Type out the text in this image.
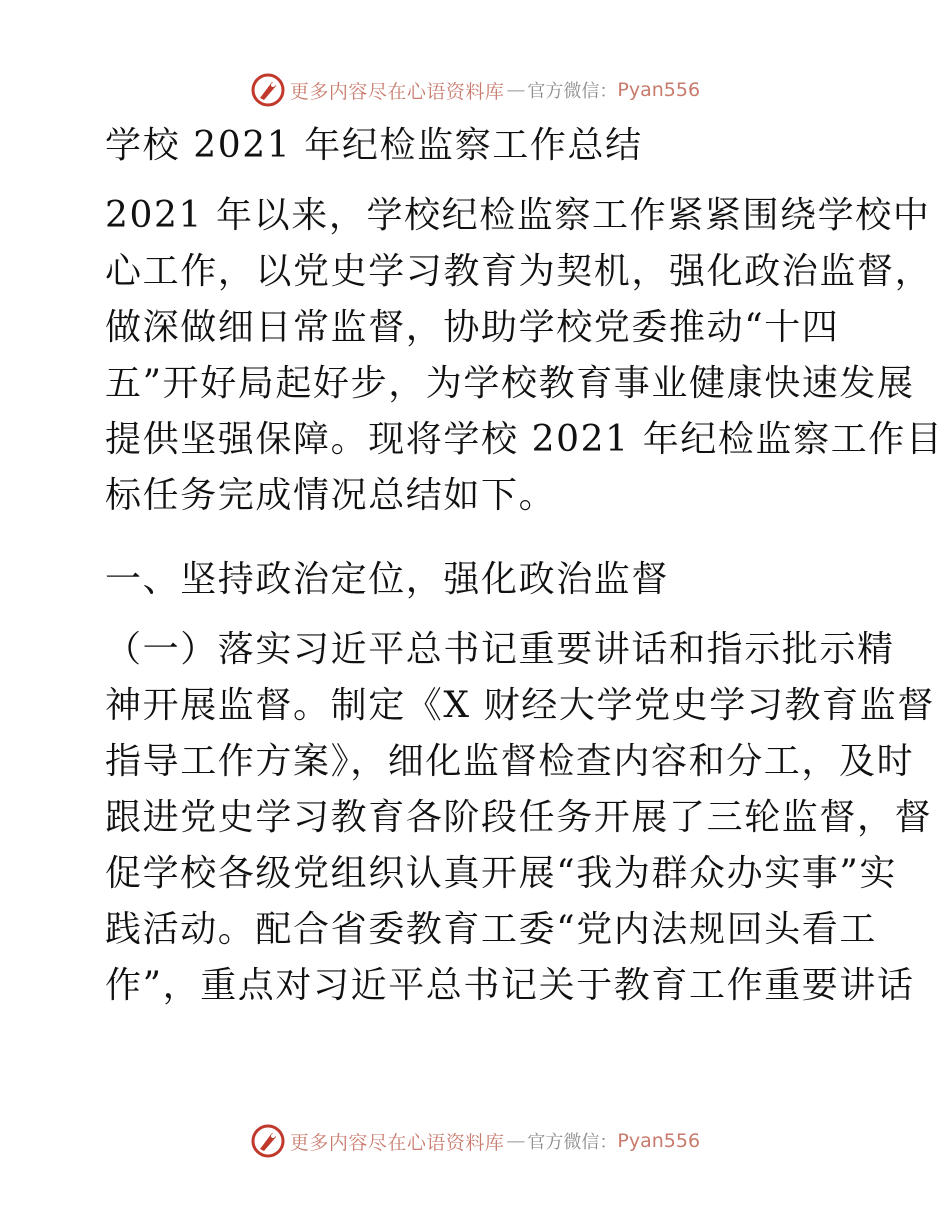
更多内容尽在心语资料库 — 官方微信： Pyan556
学校 2021 年纪检监察工作总结
2021 年以来，学校纪检监察工作紧紧围绕学校中
心工作，以党史学习教育为契机，强化政治监督，
做深做细日常监督，协助学校党委推动“十四
五”开好局起好步，为学校教育事业健康快速发展
提供坚强保障。现将学校 2021 年纪检监察工作目
标任务完成情况总结如下。
一、坚持政治定位，强化政治监督
（一）落实习近平总书记重要讲话和指示批示精
神开展监督。制定《X 财经大学党史学习教育监督
指导工作方案》，细化监督检查内容和分工，及时
跟进党史学习教育各阶段任务开展了三轮监督，督
促学校各级党组织认真开展“我为群众办实事”实
践活动。配合省委教育工委“党内法规回头看工
作”，重点对习近平总书记关于教育工作重要讲话
更多内容尽在心语资料库 — 官方微信： Pyan556
